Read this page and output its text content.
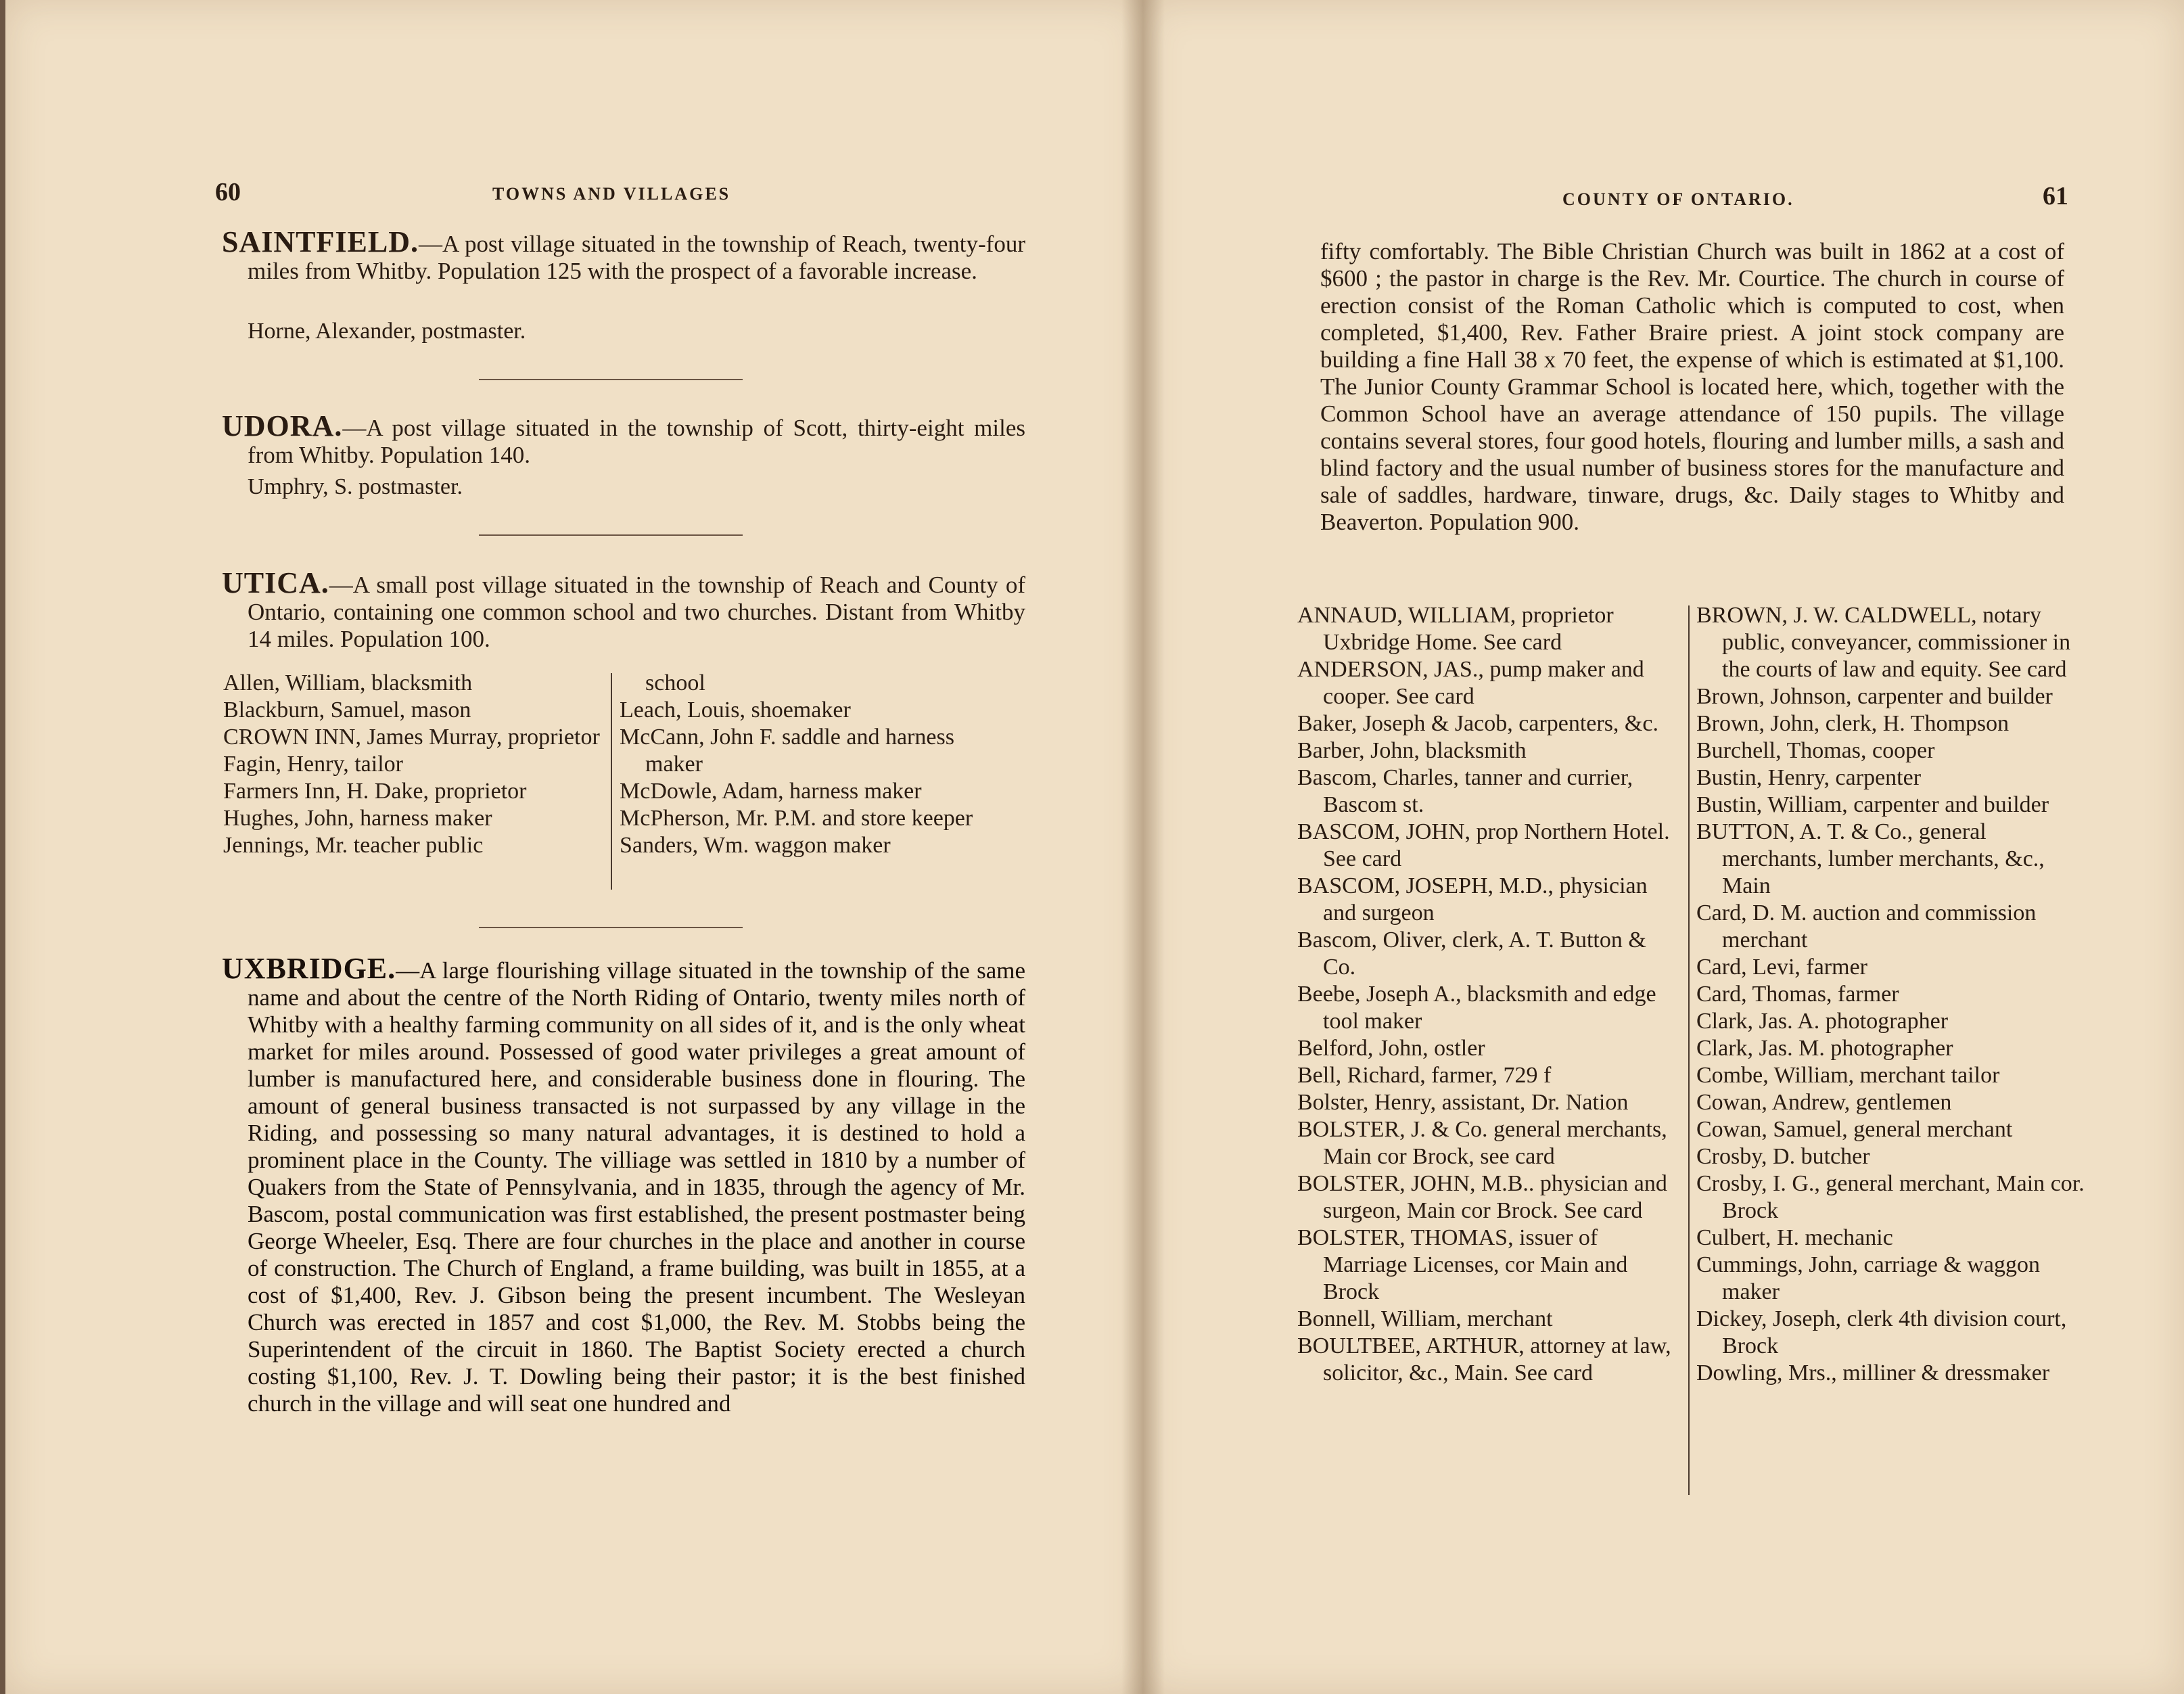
60	TOWNS AND VILLAGES
SAINTFIELD.—A post village situated in the township of Reach, twenty-four miles from Whitby. Population 125 with the prospect of a favorable increase.
Horne, Alexander, postmaster.
UDORA.—A post village situated in the township of Scott, thirty-eight miles from Whitby. Population 140.
Umphry, S. postmaster.
UTICA.—A small post village situated in the township of Reach and County of Ontario, containing one common school and two churches. Distant from Whitby 14 miles. Population 100.
Allen, William, blacksmith
Blackburn, Samuel, mason
CROWN INN, James Murray, proprietor
Fagin, Henry, tailor
Farmers Inn, H. Dake, proprietor
Hughes, John, harness maker
Jennings, Mr. teacher public
school
Leach, Louis, shoemaker
McCann, John F. saddle and harness maker
McDowle, Adam, harness maker
McPherson, Mr. P.M. and store keeper
Sanders, Wm. waggon maker
UXBRIDGE.—A large flourishing village situated in the township of the same name and about the centre of the North Riding of Ontario, twenty miles north of Whitby with a healthy farming community on all sides of it, and is the only wheat market for miles around. Possessed of good water privileges a great amount of lumber is manufactured here, and considerable business done in flouring. The amount of general business transacted is not surpassed by any village in the Riding, and possessing so many natural advantages, it is destined to hold a prominent place in the County. The villiage was settled in 1810 by a number of Quakers from the State of Pennsylvania, and in 1835, through the agency of Mr. Bascom, postal communication was first established, the present postmaster being George Wheeler, Esq. There are four churches in the place and another in course of construction. The Church of England, a frame building, was built in 1855, at a cost of $1,400, Rev. J. Gibson being the present incumbent. The Wesleyan Church was erected in 1857 and cost $1,000, the Rev. M. Stobbs being the Superintendent of the circuit in 1860. The Baptist Society erected a church costing $1,100, Rev. J. T. Dowling being their pastor; it is the best finished church in the village and will seat one hundred and
COUNTY OF ONTARIO.	61
fifty comfortably. The Bible Christian Church was built in 1862 at a cost of $600 ; the pastor in charge is the Rev. Mr. Courtice. The church in course of erection consist of the Roman Catholic which is computed to cost, when completed, $1,400, Rev. Father Braire priest. A joint stock company are building a fine Hall 38 x 70 feet, the expense of which is estimated at $1,100. The Junior County Grammar School is located here, which, together with the Common School have an average attendance of 150 pupils. The village contains several stores, four good hotels, flouring and lumber mills, a sash and blind factory and the usual number of business stores for the manufacture and sale of saddles, hardware, tinware, drugs, &c. Daily stages to Whitby and Beaverton. Population 900.
ANNAUD, WILLIAM, proprietor Uxbridge Home. See card
ANDERSON, JAS., pump maker and cooper. See card
Baker, Joseph & Jacob, carpenters, &c.
Barber, John, blacksmith
Bascom, Charles, tanner and currier, Bascom st.
BASCOM, JOHN, prop Northern Hotel. See card
BASCOM, JOSEPH, M.D., physician and surgeon
Bascom, Oliver, clerk, A. T. Button & Co.
Beebe, Joseph A., blacksmith and edge tool maker
Belford, John, ostler
Bell, Richard, farmer, 729 f
Bolster, Henry, assistant, Dr. Nation
BOLSTER, J. & Co. general merchants, Main cor Brock, see card
BOLSTER, JOHN, M.B.. physician and surgeon, Main cor Brock. See card
BOLSTER, THOMAS, issuer of Marriage Licenses, cor Main and Brock
Bonnell, William, merchant
BOULTBEE, ARTHUR, attorney at law, solicitor, &c., Main. See card
BROWN, J. W. CALDWELL, notary public, conveyancer, commissioner in the courts of law and equity. See card
Brown, Johnson, carpenter and builder
Brown, John, clerk, H. Thompson
Burchell, Thomas, cooper
Bustin, Henry, carpenter
Bustin, William, carpenter and builder
BUTTON, A. T. & Co., general merchants, lumber merchants, &c., Main
Card, D. M. auction and commission merchant
Card, Levi, farmer
Card, Thomas, farmer
Clark, Jas. A. photographer
Clark, Jas. M. photographer
Combe, William, merchant tailor
Cowan, Andrew, gentlemen
Cowan, Samuel, general merchant
Crosby, D. butcher
Crosby, I. G., general merchant, Main cor. Brock
Culbert, H. mechanic
Cummings, John, carriage & waggon maker
Dickey, Joseph, clerk 4th division court, Brock
Dowling, Mrs., milliner & dressmaker
